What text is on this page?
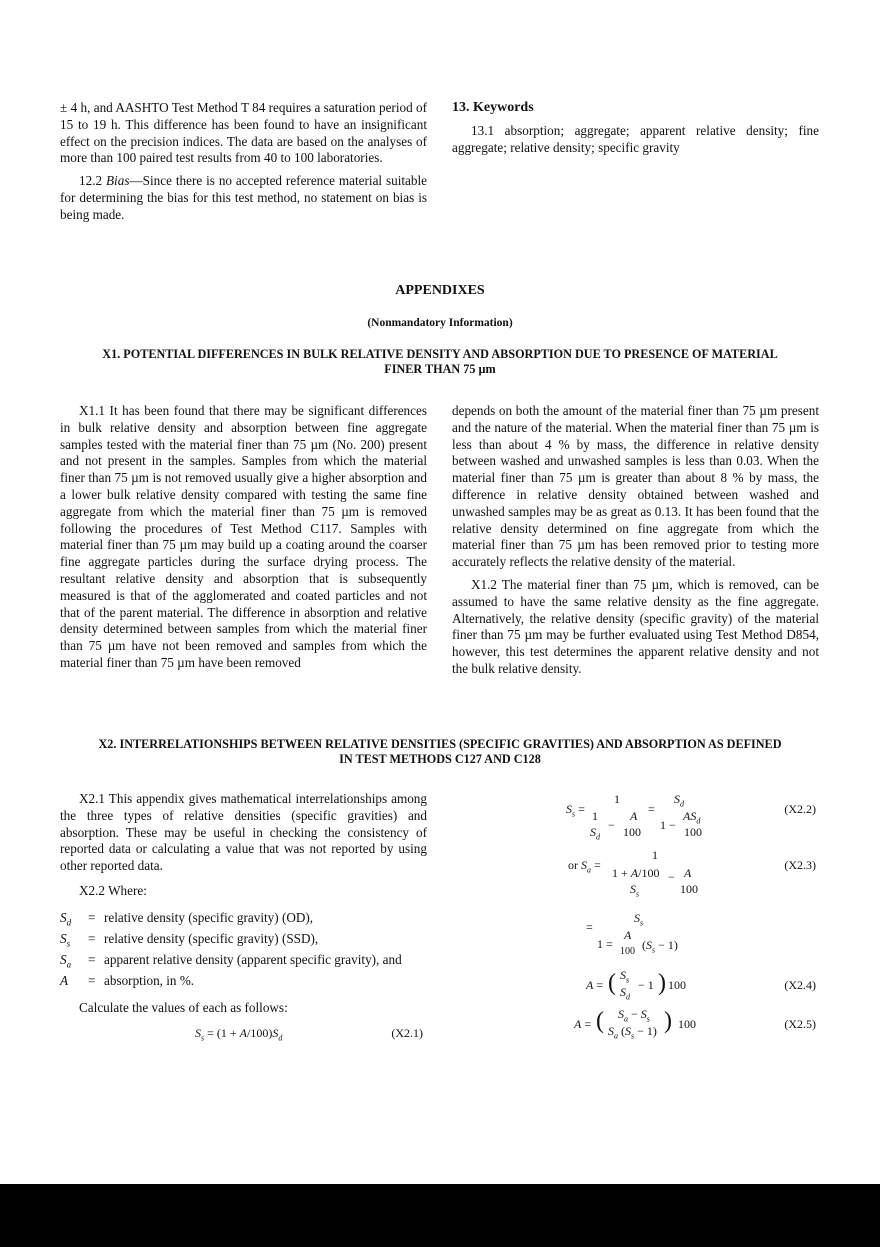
± 4 h, and AASHTO Test Method T 84 requires a saturation period of 15 to 19 h. This difference has been found to have an insignificant effect on the precision indices. The data are based on the analyses of more than 100 paired test results from 40 to 100 laboratories.

12.2 Bias—Since there is no accepted reference material suitable for determining the bias for this test method, no statement on bias is being made.

13. Keywords

13.1 absorption; aggregate; apparent relative density; fine aggregate; relative density; specific gravity

APPENDIXES
(Nonmandatory Information)
X1. POTENTIAL DIFFERENCES IN BULK RELATIVE DENSITY AND ABSORPTION DUE TO PRESENCE OF MATERIAL
FINER THAN 75 µm

X1.1 It has been found that there may be significant differences in bulk relative density and absorption between fine aggregate samples tested with the material finer than 75 µm (No. 200) present and not present in the samples. Samples from which the material finer than 75 µm is not removed usually give a higher absorption and a lower bulk relative density compared with testing the same fine aggregate from which the material finer than 75 µm is removed following the procedures of Test Method C117. Samples with material finer than 75 µm may build up a coating around the coarser fine aggregate particles during the surface drying process. The resultant relative density and absorption that is subsequently measured is that of the agglomerated and coated particles and not that of the parent material. The difference in absorption and relative density determined between samples from which the material finer than 75 µm have not been removed and samples from which the material finer than 75 µm have been removed

depends on both the amount of the material finer than 75 µm present and the nature of the material. When the material finer than 75 µm is less than about 4 % by mass, the difference in relative density between washed and unwashed samples is less than 0.03. When the material finer than 75 µm is greater than about 8 % by mass, the difference in relative density obtained between washed and unwashed samples may be as great as 0.13. It has been found that the relative density determined on fine aggregate from which the material finer than 75 µm has been removed prior to testing more accurately reflects the relative density of the material.

X1.2 The material finer than 75 µm, which is removed, can be assumed to have the same relative density as the fine aggregate. Alternatively, the relative density (specific gravity) of the material finer than 75 µm may be further evaluated using Test Method D854, however, this test determines the apparent relative density and not the bulk relative density.

X2. INTERRELATIONSHIPS BETWEEN RELATIVE DENSITIES (SPECIFIC GRAVITIES) AND ABSORPTION AS DEFINED
IN TEST METHODS C127 AND C128

X2.1 This appendix gives mathematical interrelationships among the three types of relative densities (specific gravities) and absorption. These may be useful in checking the consistency of reported data or calculating a value that was not reported by using other reported data.

X2.2 Where:

$S_d$	= relative density (specific gravity) (OD),
$S_s$	= relative density (specific gravity) (SSD),
$S_a$	= apparent relative density (apparent specific gravity), and
A	= absorption, in %.

Calculate the values of each as follows:

$S_s = (1 + A/100)S_d$	(X2.1)
$S_s$ =
1
1	A
$S_d$
− 100
=
$S_d$
1 −
$AS_d$
100
(X2.2)
or $S_a$ =
1
1 + A/100 − A
$S_s$	100
(X2.3)
=
$S_s$
1 =
A
100 $(S_s - 1)$
A = ( $S_s$
$S_d$
− 1 ) 100	(X2.4)
A = ( $S_a - S_s$
$S_a$ $(S_s - 1)$ ) 100	(X2.5)
